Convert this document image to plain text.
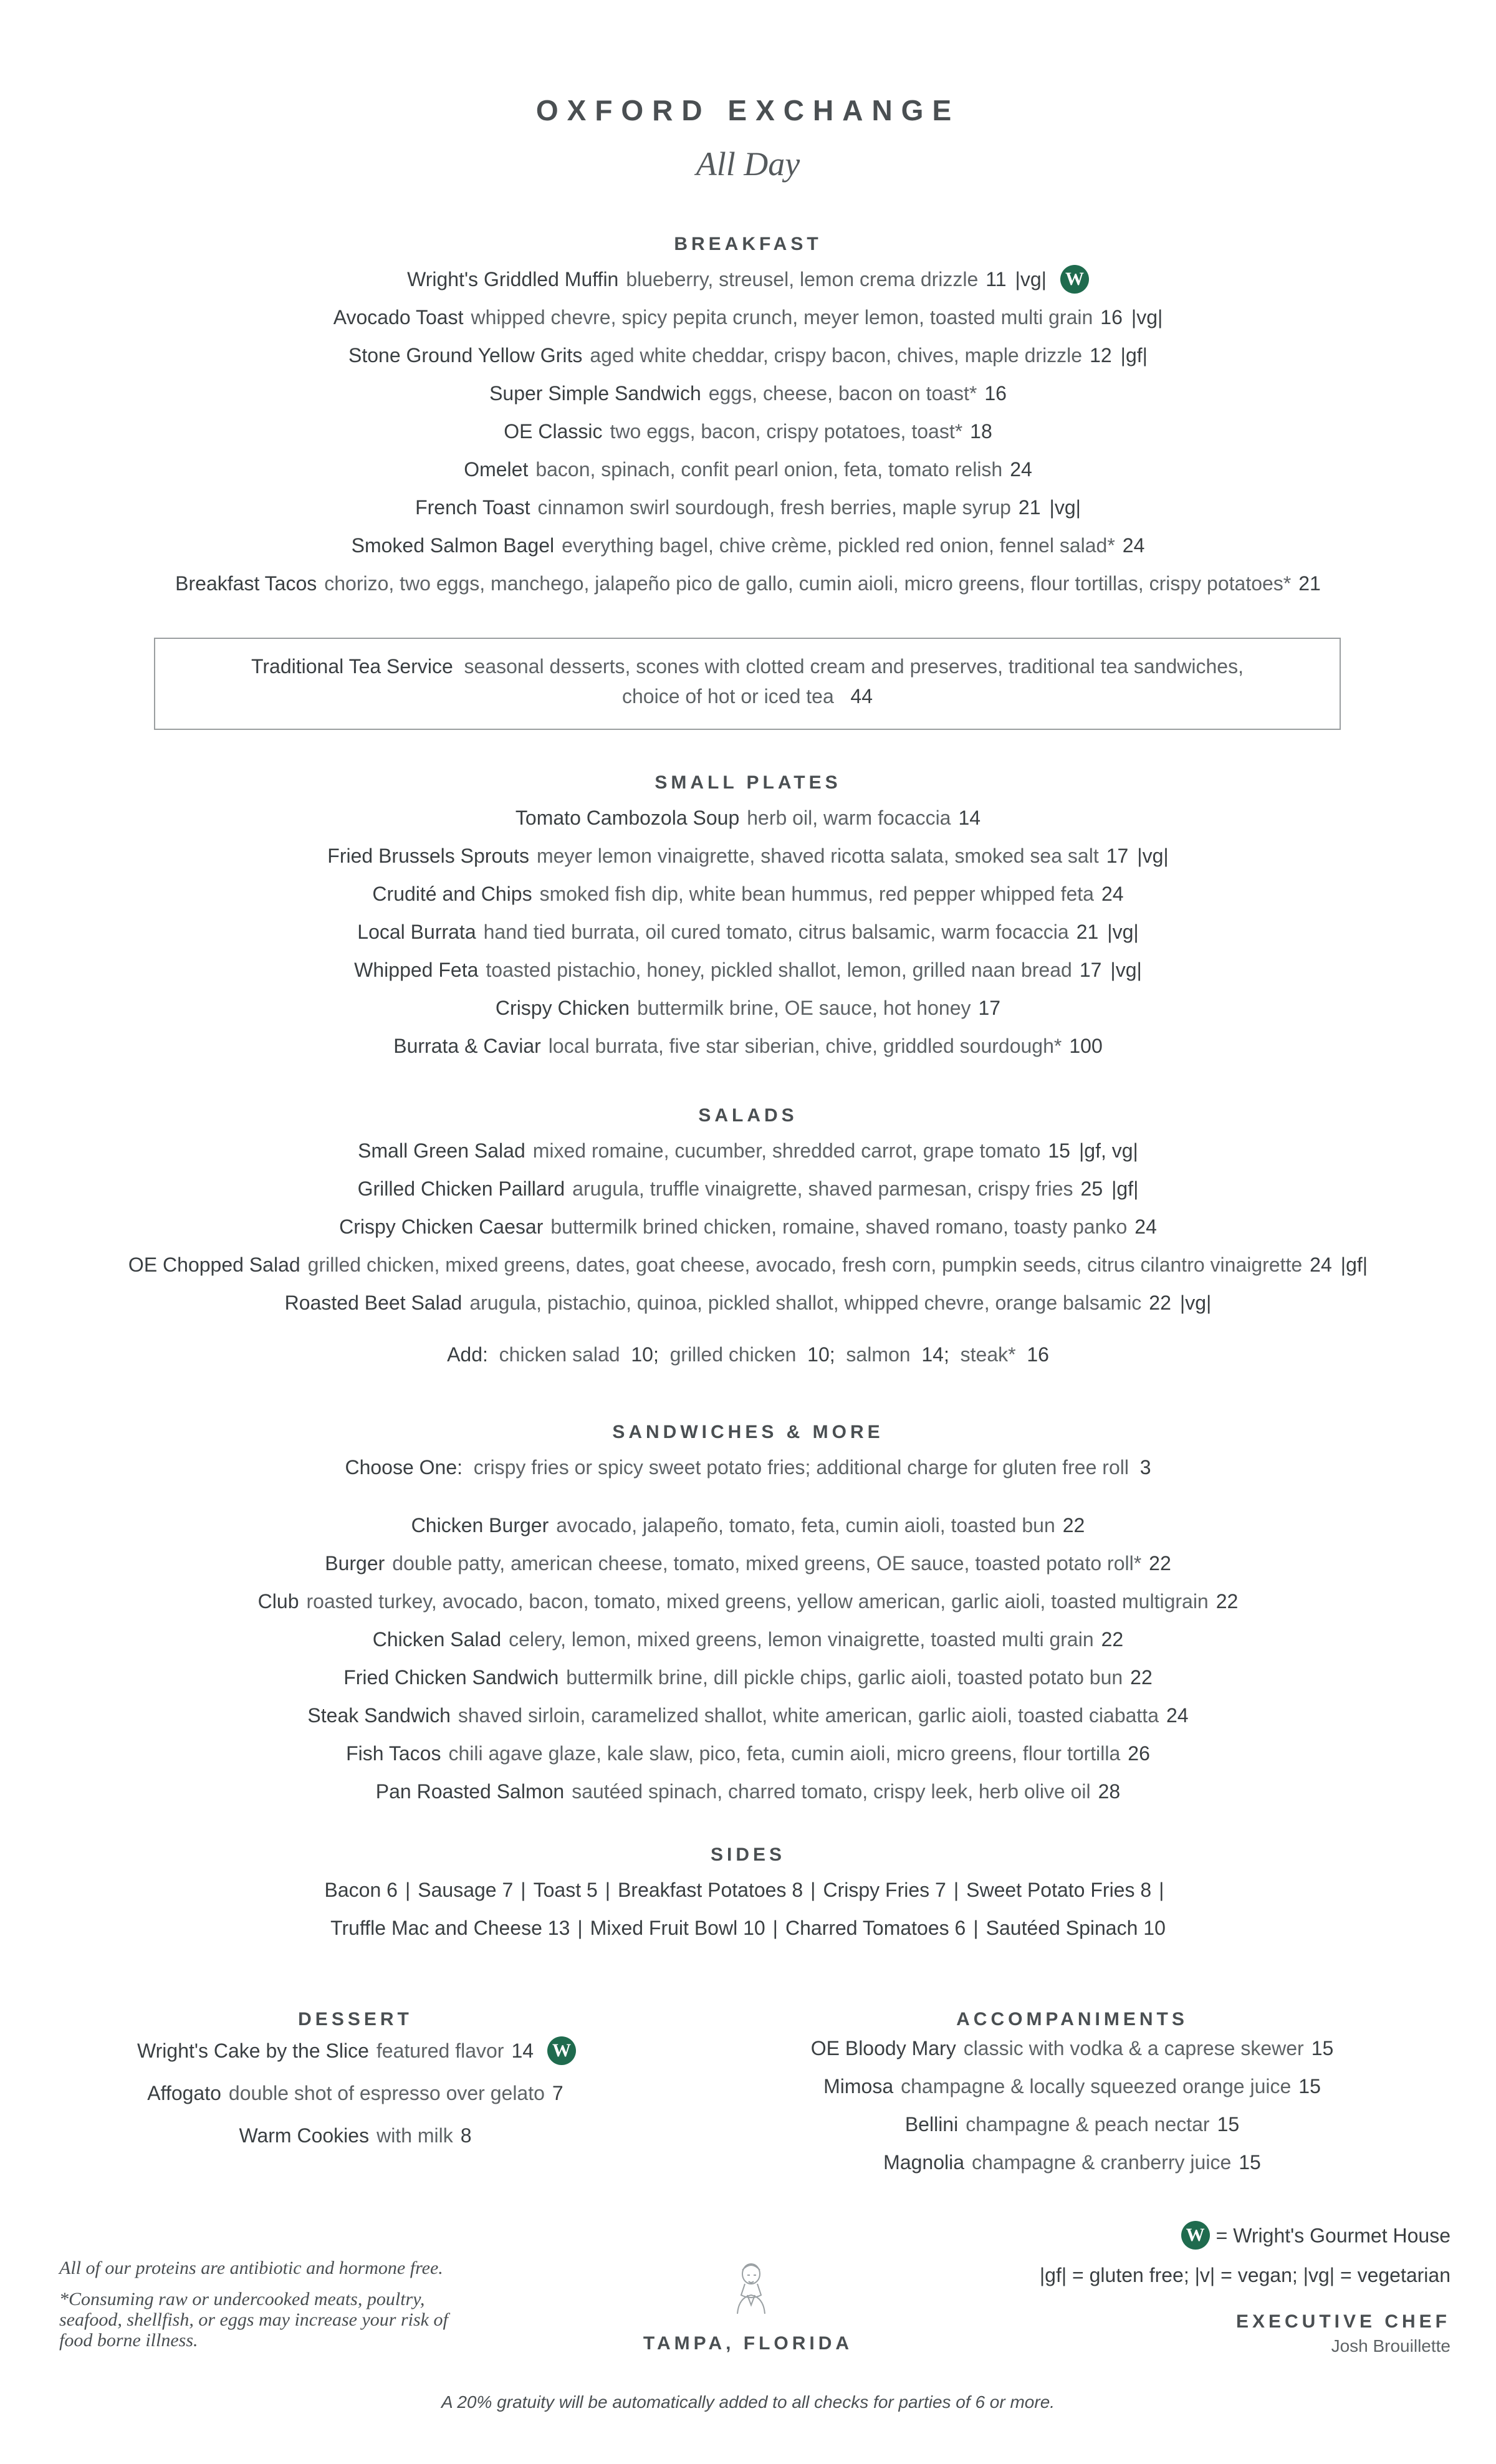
OXFORD EXCHANGE
All Day
BREAKFAST
Wright's Griddled Muffin blueberry, streusel, lemon crema drizzle 11 |vg| W
Avocado Toast whipped chevre, spicy pepita crunch, meyer lemon, toasted multi grain 16 |vg|
Stone Ground Yellow Grits aged white cheddar, crispy bacon, chives, maple drizzle 12 |gf|
Super Simple Sandwich eggs, cheese, bacon on toast* 16
OE Classic two eggs, bacon, crispy potatoes, toast* 18
Omelet bacon, spinach, confit pearl onion, feta, tomato relish 24
French Toast cinnamon swirl sourdough, fresh berries, maple syrup 21 |vg|
Smoked Salmon Bagel everything bagel, chive crème, pickled red onion, fennel salad* 24
Breakfast Tacos chorizo, two eggs, manchego, jalapeño pico de gallo, cumin aioli, micro greens, flour tortillas, crispy potatoes* 21
Traditional Tea Service seasonal desserts, scones with clotted cream and preserves, traditional tea sandwiches,
choice of hot or iced tea 44
SMALL PLATES
Tomato Cambozola Soup herb oil, warm focaccia 14
Fried Brussels Sprouts meyer lemon vinaigrette, shaved ricotta salata, smoked sea salt 17 |vg|
Crudité and Chips smoked fish dip, white bean hummus, red pepper whipped feta 24
Local Burrata hand tied burrata, oil cured tomato, citrus balsamic, warm focaccia 21 |vg|
Whipped Feta toasted pistachio, honey, pickled shallot, lemon, grilled naan bread 17 |vg|
Crispy Chicken buttermilk brine, OE sauce, hot honey 17
Burrata & Caviar local burrata, five star siberian, chive, griddled sourdough* 100
SALADS
Small Green Salad mixed romaine, cucumber, shredded carrot, grape tomato 15 |gf, vg|
Grilled Chicken Paillard arugula, truffle vinaigrette, shaved parmesan, crispy fries 25 |gf|
Crispy Chicken Caesar buttermilk brined chicken, romaine, shaved romano, toasty panko 24
OE Chopped Salad grilled chicken, mixed greens, dates, goat cheese, avocado, fresh corn, pumpkin seeds, citrus cilantro vinaigrette 24 |gf|
Roasted Beet Salad arugula, pistachio, quinoa, pickled shallot, whipped chevre, orange balsamic 22 |vg|
Add: chicken salad 10; grilled chicken 10; salmon 14; steak* 16
SANDWICHES & MORE
Choose One: crispy fries or spicy sweet potato fries; additional charge for gluten free roll 3
Chicken Burger avocado, jalapeño, tomato, feta, cumin aioli, toasted bun 22
Burger double patty, american cheese, tomato, mixed greens, OE sauce, toasted potato roll* 22
Club roasted turkey, avocado, bacon, tomato, mixed greens, yellow american, garlic aioli, toasted multigrain 22
Chicken Salad celery, lemon, mixed greens, lemon vinaigrette, toasted multi grain 22
Fried Chicken Sandwich buttermilk brine, dill pickle chips, garlic aioli, toasted potato bun 22
Steak Sandwich shaved sirloin, caramelized shallot, white american, garlic aioli, toasted ciabatta 24
Fish Tacos chili agave glaze, kale slaw, pico, feta, cumin aioli, micro greens, flour tortilla 26
Pan Roasted Salmon sautéed spinach, charred tomato, crispy leek, herb olive oil 28
SIDES
Bacon 6 | Sausage 7 | Toast 5 | Breakfast Potatoes 8 | Crispy Fries 7 | Sweet Potato Fries 8 |
Truffle Mac and Cheese 13 | Mixed Fruit Bowl 10 | Charred Tomatoes 6 | Sautéed Spinach 10
DESSERT
Wright's Cake by the Slice featured flavor 14 W
Affogato double shot of espresso over gelato 7
Warm Cookies with milk 8
ACCOMPANIMENTS
OE Bloody Mary classic with vodka & a caprese skewer 15
Mimosa champagne & locally squeezed orange juice 15
Bellini champagne & peach nectar 15
Magnolia champagne & cranberry juice 15
All of our proteins are antibiotic and hormone free.
*Consuming raw or undercooked meats, poultry,
seafood, shellfish, or eggs may increase your risk of
food borne illness.	TAMPA, FLORIDA
W = Wright's Gourmet House
|gf| = gluten free; |v| = vegan; |vg| = vegetarian
EXECUTIVE CHEF
Josh Brouillette
A 20% gratuity will be automatically added to all checks for parties of 6 or more.
